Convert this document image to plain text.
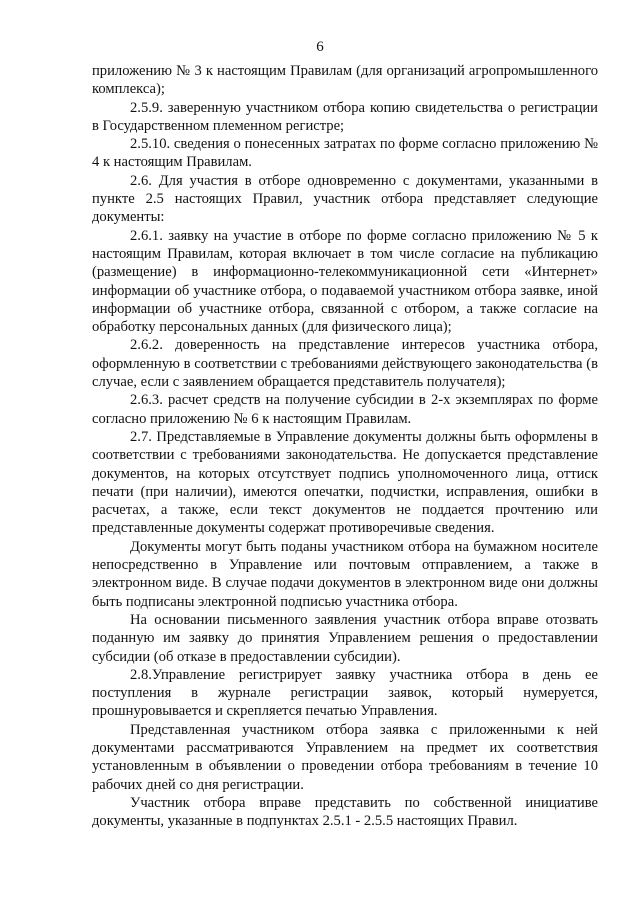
6

приложению № 3 к настоящим Правилам (для организаций агропромышленного комплекса);

2.5.9. заверенную участником отбора копию свидетельства о регистрации в Государственном племенном регистре;

2.5.10. сведения о понесенных затратах по форме согласно приложению № 4 к настоящим Правилам.

2.6. Для участия в отборе одновременно с документами, указанными в пункте 2.5 настоящих Правил, участник отбора представляет следующие документы:

2.6.1. заявку на участие в отборе по форме согласно приложению № 5 к настоящим Правилам, которая включает в том числе согласие на публикацию (размещение) в информационно-телекоммуникационной сети «Интернет» информации об участнике отбора, о подаваемой участником отбора заявке, иной информации об участнике отбора, связанной с отбором, а также согласие на обработку персональных данных (для физического лица);

2.6.2. доверенность на представление интересов участника отбора, оформленную в соответствии с требованиями действующего законодательства (в случае, если с заявлением обращается представитель получателя);

2.6.3. расчет средств на получение субсидии в 2-х экземплярах по форме согласно приложению № 6 к настоящим Правилам.

2.7. Представляемые в Управление документы должны быть оформлены в соответствии с требованиями законодательства. Не допускается представление документов, на которых отсутствует подпись уполномоченного лица, оттиск печати (при наличии), имеются опечатки, подчистки, исправления, ошибки в расчетах, а также, если текст документов не поддается прочтению или представленные документы содержат противоречивые сведения.

Документы могут быть поданы участником отбора на бумажном носителе непосредственно в Управление или почтовым отправлением, а также в электронном виде. В случае подачи документов в электронном виде они должны быть подписаны электронной подписью участника отбора.

На основании письменного заявления участник отбора вправе отозвать поданную им заявку до принятия Управлением решения о предоставлении субсидии (об отказе в предоставлении субсидии).

2.8.Управление регистрирует заявку участника отбора в день ее поступления в журнале регистрации заявок, который нумеруется, прошнуровывается и скрепляется печатью Управления.

Представленная участником отбора заявка с приложенными к ней документами рассматриваются Управлением на предмет их соответствия установленным в объявлении о проведении отбора требованиям в течение 10 рабочих дней со дня регистрации.

Участник отбора вправе представить по собственной инициативе документы, указанные в подпунктах 2.5.1 - 2.5.5 настоящих Правил.
